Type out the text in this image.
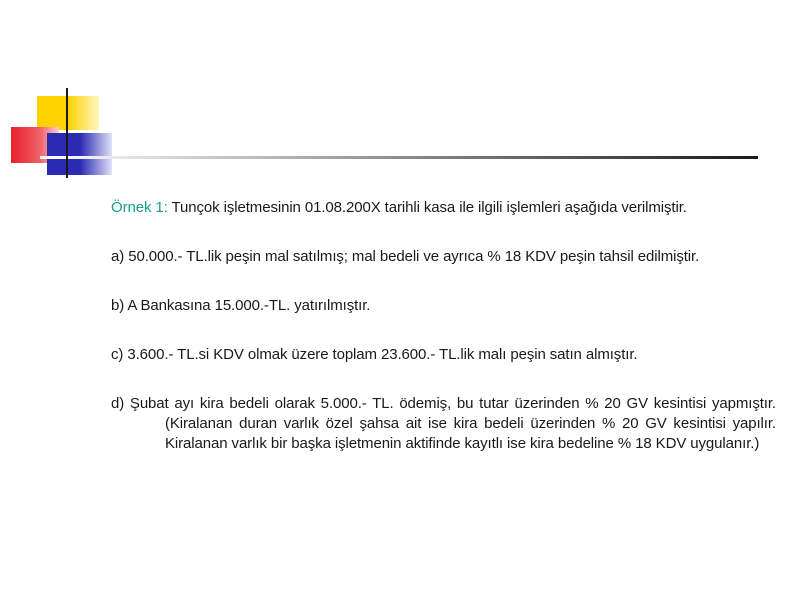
Örnek 1: Tunçok işletmesinin 01.08.200X tarihli kasa ile ilgili işlemleri aşağıda verilmiştir.

a) 50.000.- TL.lik peşin mal satılmış; mal bedeli ve ayrıca % 18 KDV peşin tahsil edilmiştir.

b) A Bankasına 15.000.-TL. yatırılmıştır.

c) 3.600.- TL.si KDV olmak üzere toplam 23.600.- TL.lik malı peşin satın almıştır.

d) Şubat ayı kira bedeli olarak 5.000.- TL. ödemiş, bu tutar üzerinden % 20 GV kesintisi yapmıştır. (Kiralanan duran varlık özel şahsa ait ise kira bedeli üzerinden % 20 GV kesintisi yapılır. Kiralanan varlık bir başka işletmenin aktifinde kayıtlı ise kira bedeline % 18 KDV uygulanır.)
